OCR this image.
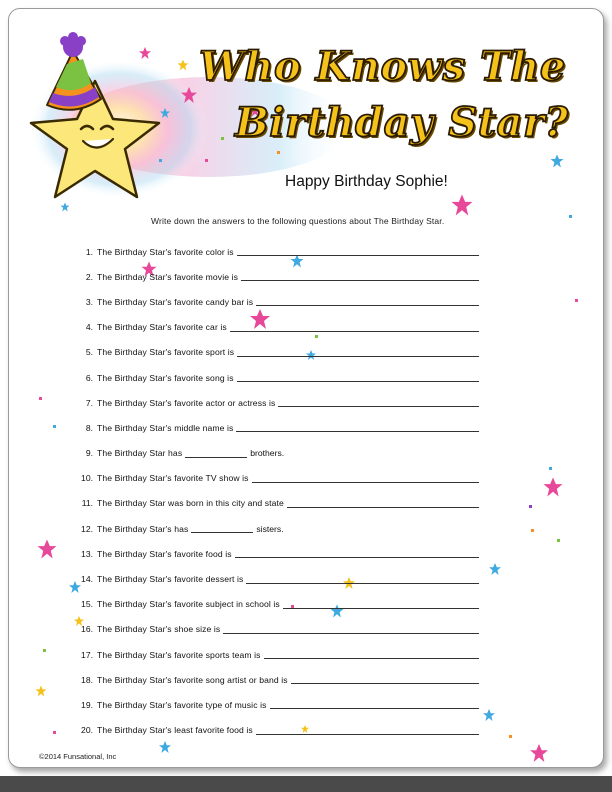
Who Knows The
Birthday Star?
Happy Birthday Sophie!
Write down the answers to the following questions about The Birthday Star.
1. The Birthday Star's favorite color is
2. The Birthday Star's favorite movie is
3. The Birthday Star's favorite candy bar is
4. The Birthday Star's favorite car is
5. The Birthday Star's favorite sport is
6. The Birthday Star's favorite song is
7. The Birthday Star's favorite actor or actress is
8. The Birthday Star's middle name is
9. The Birthday Star has	brothers.
10. The Birthday Star's favorite TV show is
11. The Birthday Star was born in this city and state
12. The Birthday Star's has	sisters.
13. The Birthday Star's favorite food is
14. The Birthday Star's favorite dessert is
15. The Birthday Star's favorite subject in school is
16. The Birthday Star's shoe size is
17. The Birthday Star's favorite sports team is
18. The Birthday Star's favorite song artist or band is
19. The Birthday Star's favorite type of music is
20. The Birthday Star's least favorite food is
©2014 Funsational, Inc
